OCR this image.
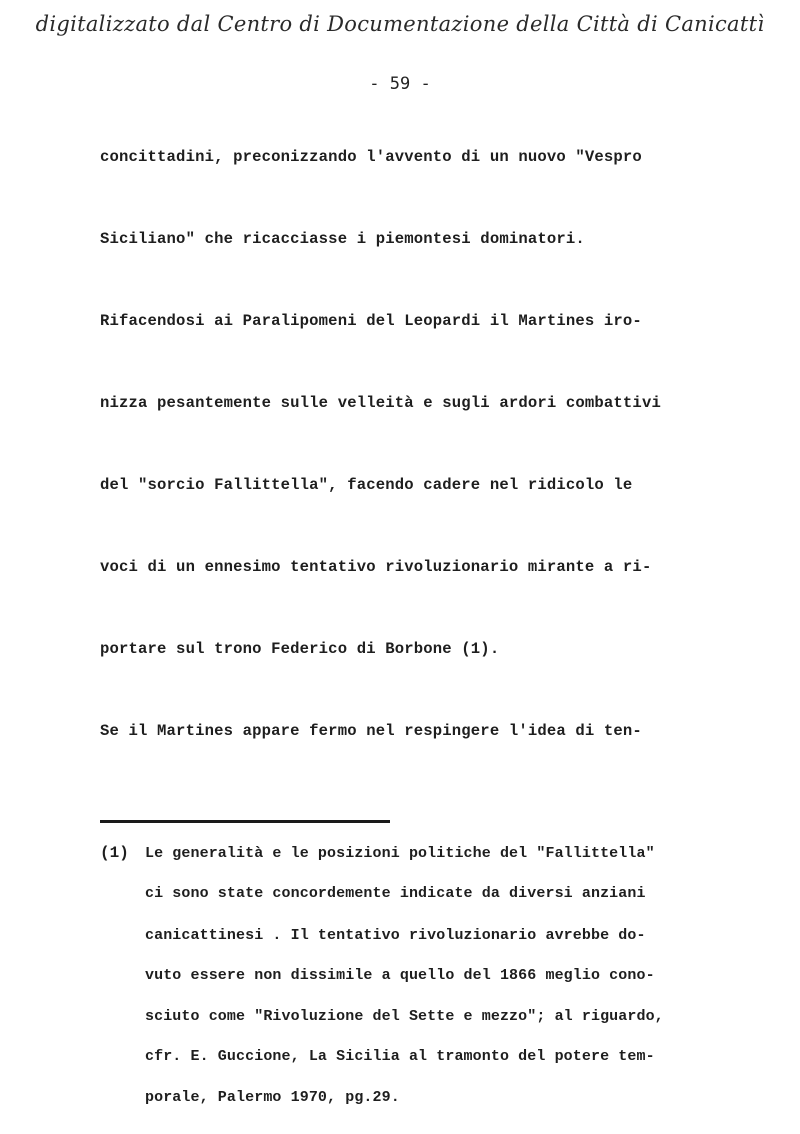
digitalizzato dal Centro di Documentazione della Città di Canicattì
- 59 -
concittadini, preconizzando l'avvento di un nuovo "Vespro
Siciliano" che ricacciasse i piemontesi dominatori.
Rifacendosi ai Paralipomeni del Leopardi il Martines iro-
nizza pesantemente sulle velleità e sugli ardori combattivi
del "sorcio Fallittella", facendo cadere nel ridicolo le
voci di un ennesimo tentativo rivoluzionario mirante a ri-
portare sul trono Federico di Borbone (1).
Se il Martines appare fermo nel respingere l'idea di ten-
(1) Le generalità e le posizioni politiche del "Fallittella"
ci sono state concordemente indicate da diversi anziani
canicattinesi . Il tentativo rivoluzionario avrebbe do-
vuto essere non dissimile a quello del 1866 meglio cono-
sciuto come "Rivoluzione del Sette e mezzo"; al riguardo,
cfr. E. Guccione, La Sicilia al tramonto del potere tem-
porale, Palermo 1970, pg.29.
